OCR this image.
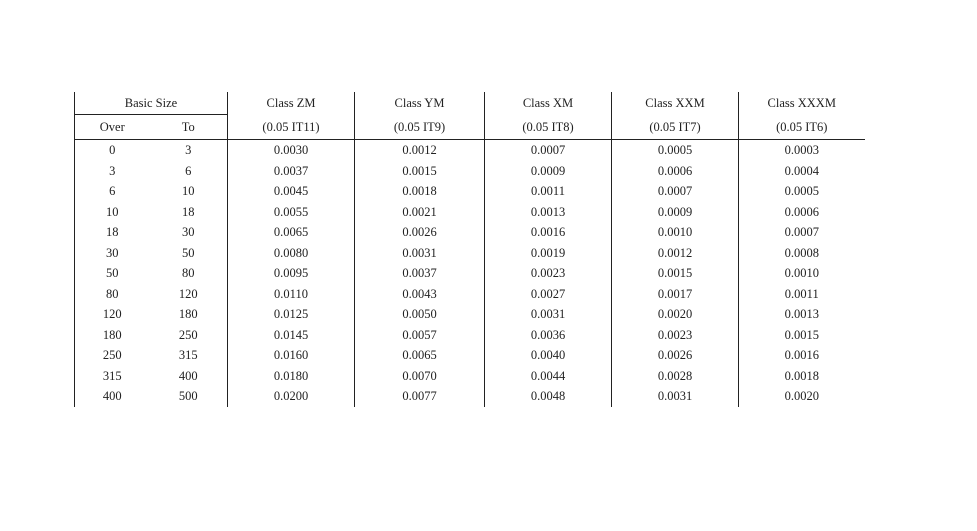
Basic Size		Class ZM	Class YM	Class XM	Class XXM	Class XXXM
Over	To	(0.05 IT11)	(0.05 IT9)	(0.05 IT8)	(0.05 IT7)	(0.05 IT6)
0	3	0.0030	0.0012	0.0007	0.0005	0.0003
3	6	0.0037	0.0015	0.0009	0.0006	0.0004
6	10	0.0045	0.0018	0.0011	0.0007	0.0005
10	18	0.0055	0.0021	0.0013	0.0009	0.0006
18	30	0.0065	0.0026	0.0016	0.0010	0.0007
30	50	0.0080	0.0031	0.0019	0.0012	0.0008
50	80	0.0095	0.0037	0.0023	0.0015	0.0010
80	120	0.0110	0.0043	0.0027	0.0017	0.0011
120	180	0.0125	0.0050	0.0031	0.0020	0.0013
180	250	0.0145	0.0057	0.0036	0.0023	0.0015
250	315	0.0160	0.0065	0.0040	0.0026	0.0016
315	400	0.0180	0.0070	0.0044	0.0028	0.0018
400	500	0.0200	0.0077	0.0048	0.0031	0.0020
